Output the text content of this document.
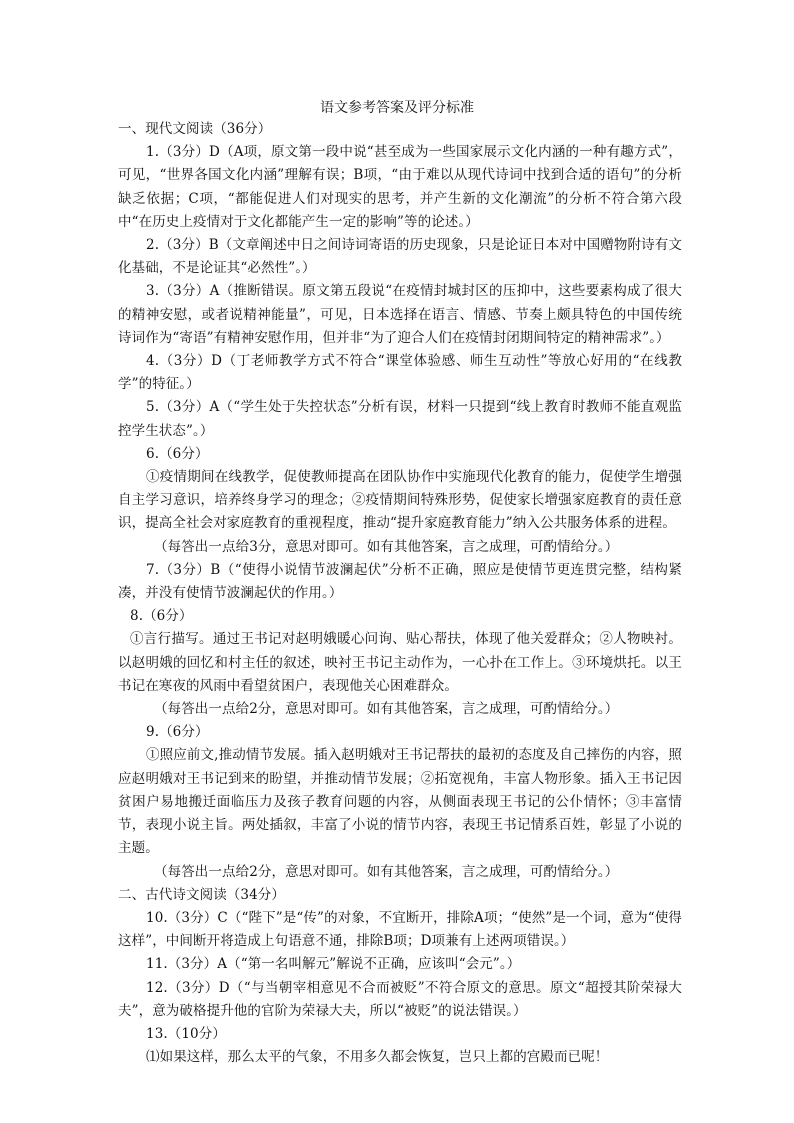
语文参考答案及评分标准

一、现代文阅读（36分）

1.（3分）D（A项，原文第一段中说“甚至成为一些国家展示文化内涵的一种有趣方式”，可见，“世界各国文化内涵”理解有误；B项，“由于难以从现代诗词中找到合适的语句”的分析缺乏依据；C项，“都能促进人们对现实的思考，并产生新的文化潮流”的分析不符合第六段中“在历史上疫情对于文化都能产生一定的影响”等的论述。）

2.（3分）B（文章阐述中日之间诗词寄语的历史现象，只是论证日本对中国赠物附诗有文化基础，不是论证其“必然性”。）

3.（3分）A（推断错误。原文第五段说“在疫情封城封区的压抑中，这些要素构成了很大的精神安慰，或者说精神能量”，可见，日本选择在语言、情感、节奏上颇具特色的中国传统诗词作为“寄语”有精神安慰作用，但并非“为了迎合人们在疫情封闭期间特定的精神需求”。）

4.（3分）D（丁老师教学方式不符合“课堂体验感、师生互动性”等放心好用的“在线教学”的特征。）

5.（3分）A（“学生处于失控状态”分析有误，材料一只提到“线上教育时教师不能直观监控学生状态”。）

6.（6分）

①疫情期间在线教学，促使教师提高在团队协作中实施现代化教育的能力，促使学生增强自主学习意识，培养终身学习的理念；②疫情期间特殊形势，促使家长增强家庭教育的责任意识，提高全社会对家庭教育的重视程度，推动“提升家庭教育能力”纳入公共服务体系的进程。

（每答出一点给3分，意思对即可。如有其他答案，言之成理，可酌情给分。）

7.（3分）B（“使得小说情节波澜起伏”分析不正确，照应是使情节更连贯完整，结构紧凑，并没有使情节波澜起伏的作用。）

8.（6分）

①言行描写。通过王书记对赵明娥暖心问询、贴心帮扶，体现了他关爱群众；②人物映衬。以赵明娥的回忆和村主任的叙述，映衬王书记主动作为，一心扑在工作上。③环境烘托。以王书记在寒夜的风雨中看望贫困户，表现他关心困难群众。

（每答出一点给2分，意思对即可。如有其他答案，言之成理，可酌情给分。）

9.（6分）

①照应前文,推动情节发展。插入赵明娥对王书记帮扶的最初的态度及自己摔伤的内容，照应赵明娥对王书记到来的盼望，并推动情节发展；②拓宽视角，丰富人物形象。插入王书记因贫困户易地搬迁面临压力及孩子教育问题的内容，从侧面表现王书记的公仆情怀；③丰富情节，表现小说主旨。两处插叙，丰富了小说的情节内容，表现王书记情系百姓，彰显了小说的主题。

（每答出一点给2分，意思对即可。如有其他答案，言之成理，可酌情给分。）

二、古代诗文阅读（34分）

10.（3分）C（“陛下”是“传”的对象，不宜断开，排除A项；“使然”是一个词，意为“使得这样”，中间断开将造成上句语意不通，排除B项；D项兼有上述两项错误。）

11.（3分）A（“第一名叫解元”解说不正确，应该叫“会元”。）

12.（3分）D（“与当朝宰相意见不合而被贬”不符合原文的意思。原文“超授其阶荣禄大夫”，意为破格提升他的官阶为荣禄大夫，所以“被贬”的说法错误。）

13.（10分）

⑴如果这样，那么太平的气象，不用多久都会恢复，岂只上都的宫殿而已呢！
